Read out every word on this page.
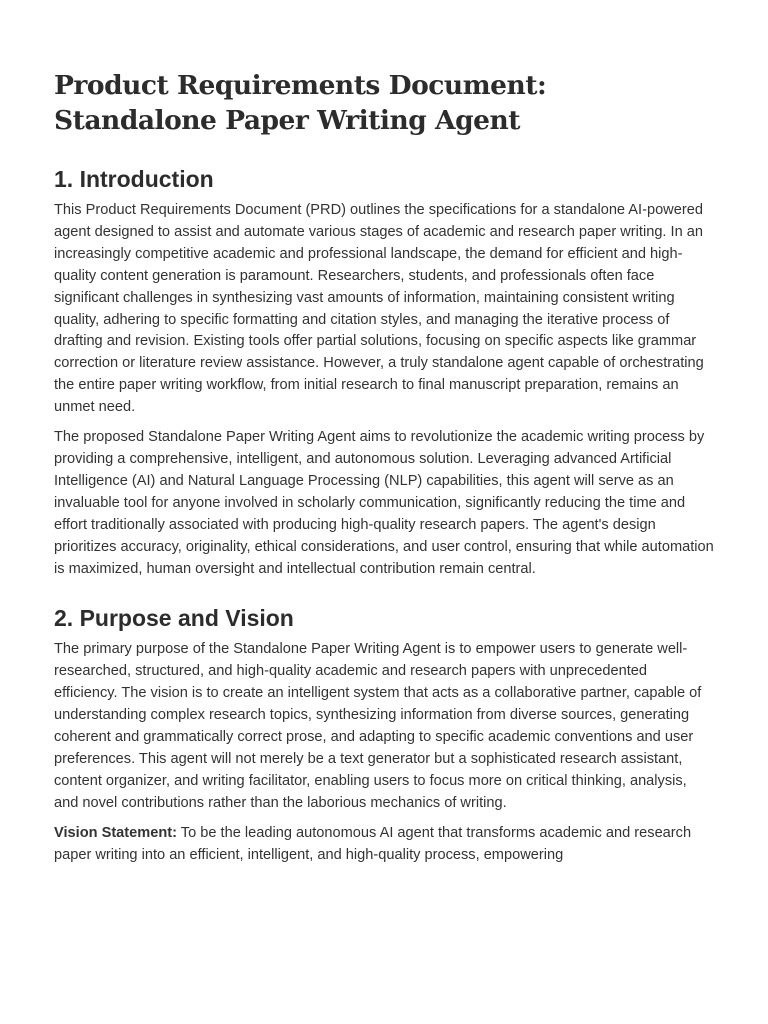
Product Requirements Document:
Standalone Paper Writing Agent
1. Introduction

This Product Requirements Document (PRD) outlines the specifications for a standalone AI-powered agent designed to assist and automate various stages of academic and research paper writing. In an increasingly competitive academic and professional landscape, the demand for efficient and high-quality content generation is paramount. Researchers, students, and professionals often face significant challenges in synthesizing vast amounts of information, maintaining consistent writing quality, adhering to specific formatting and citation styles, and managing the iterative process of drafting and revision. Existing tools offer partial solutions, focusing on specific aspects like grammar correction or literature review assistance. However, a truly standalone agent capable of orchestrating the entire paper writing workflow, from initial research to final manuscript preparation, remains an unmet need.

The proposed Standalone Paper Writing Agent aims to revolutionize the academic writing process by providing a comprehensive, intelligent, and autonomous solution. Leveraging advanced Artificial Intelligence (AI) and Natural Language Processing (NLP) capabilities, this agent will serve as an invaluable tool for anyone involved in scholarly communication, significantly reducing the time and effort traditionally associated with producing high-quality research papers. The agent's design prioritizes accuracy, originality, ethical considerations, and user control, ensuring that while automation is maximized, human oversight and intellectual contribution remain central.

2. Purpose and Vision

The primary purpose of the Standalone Paper Writing Agent is to empower users to generate well-researched, structured, and high-quality academic and research papers with unprecedented efficiency. The vision is to create an intelligent system that acts as a collaborative partner, capable of understanding complex research topics, synthesizing information from diverse sources, generating coherent and grammatically correct prose, and adapting to specific academic conventions and user preferences. This agent will not merely be a text generator but a sophisticated research assistant, content organizer, and writing facilitator, enabling users to focus more on critical thinking, analysis, and novel contributions rather than the laborious mechanics of writing.

Vision Statement: To be the leading autonomous AI agent that transforms academic and research paper writing into an efficient, intelligent, and high-quality process, empowering
